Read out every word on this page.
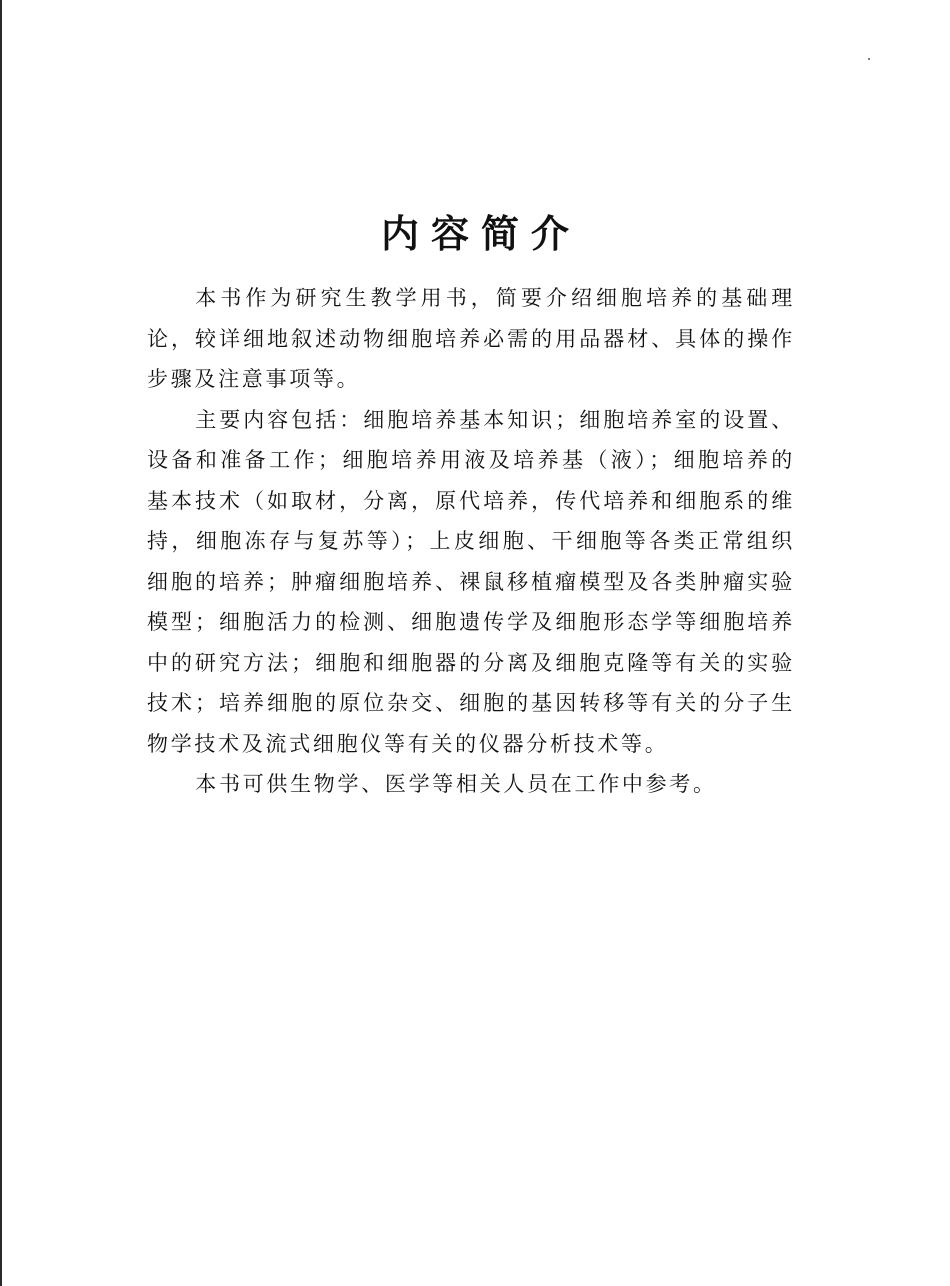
内容简介

本书作为研究生教学用书，简要介绍细胞培养的基础理论，较详细地叙述动物细胞培养必需的用品器材、具体的操作步骤及注意事项等。

主要内容包括：细胞培养基本知识；细胞培养室的设置、设备和准备工作；细胞培养用液及培养基（液）；细胞培养的基本技术（如取材，分离，原代培养，传代培养和细胞系的维持，细胞冻存与复苏等）；上皮细胞、干细胞等各类正常组织细胞的培养；肿瘤细胞培养、裸鼠移植瘤模型及各类肿瘤实验模型；细胞活力的检测、细胞遗传学及细胞形态学等细胞培养中的研究方法；细胞和细胞器的分离及细胞克隆等有关的实验技术；培养细胞的原位杂交、细胞的基因转移等有关的分子生物学技术及流式细胞仪等有关的仪器分析技术等。

本书可供生物学、医学等相关人员在工作中参考。
